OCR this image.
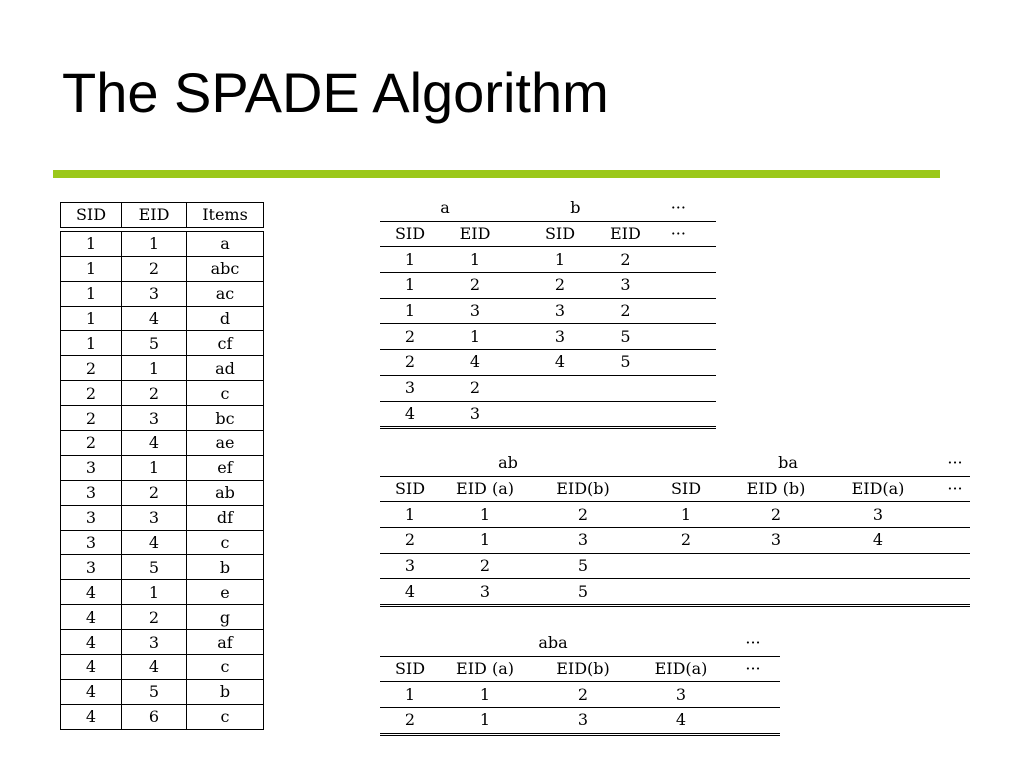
The SPADE Algorithm
SID	EID	Items

1	1	a
1	2	abc
1	3	ac
1	4	d
1	5	cf
2	1	ad
2	2	c
2	3	bc
2	4	ae
3	1	ef
3	2	ab
3	3	df
3	4	c
3	5	b
4	1	e
4	2	g
4	3	af
4	4	c
4	5	b
4	6	c
a		b		···
SID	EID	SID	EID	···
1	1	1	2	
1	2	2	3	
1	3	3	2	
2	1	3	5	
2	4	4	5	
3	2			
4	3			
ab			ba			···
SID	EID (a)	EID(b)	SID	EID (b)	EID(a)	···
1	1	2	1	2	3	
2	1	3	2	3	4	
3	2	5				
4	3	5				
aba				···
SID	EID (a)	EID(b)	EID(a)	···
1	1	2	3	
2	1	3	4	
